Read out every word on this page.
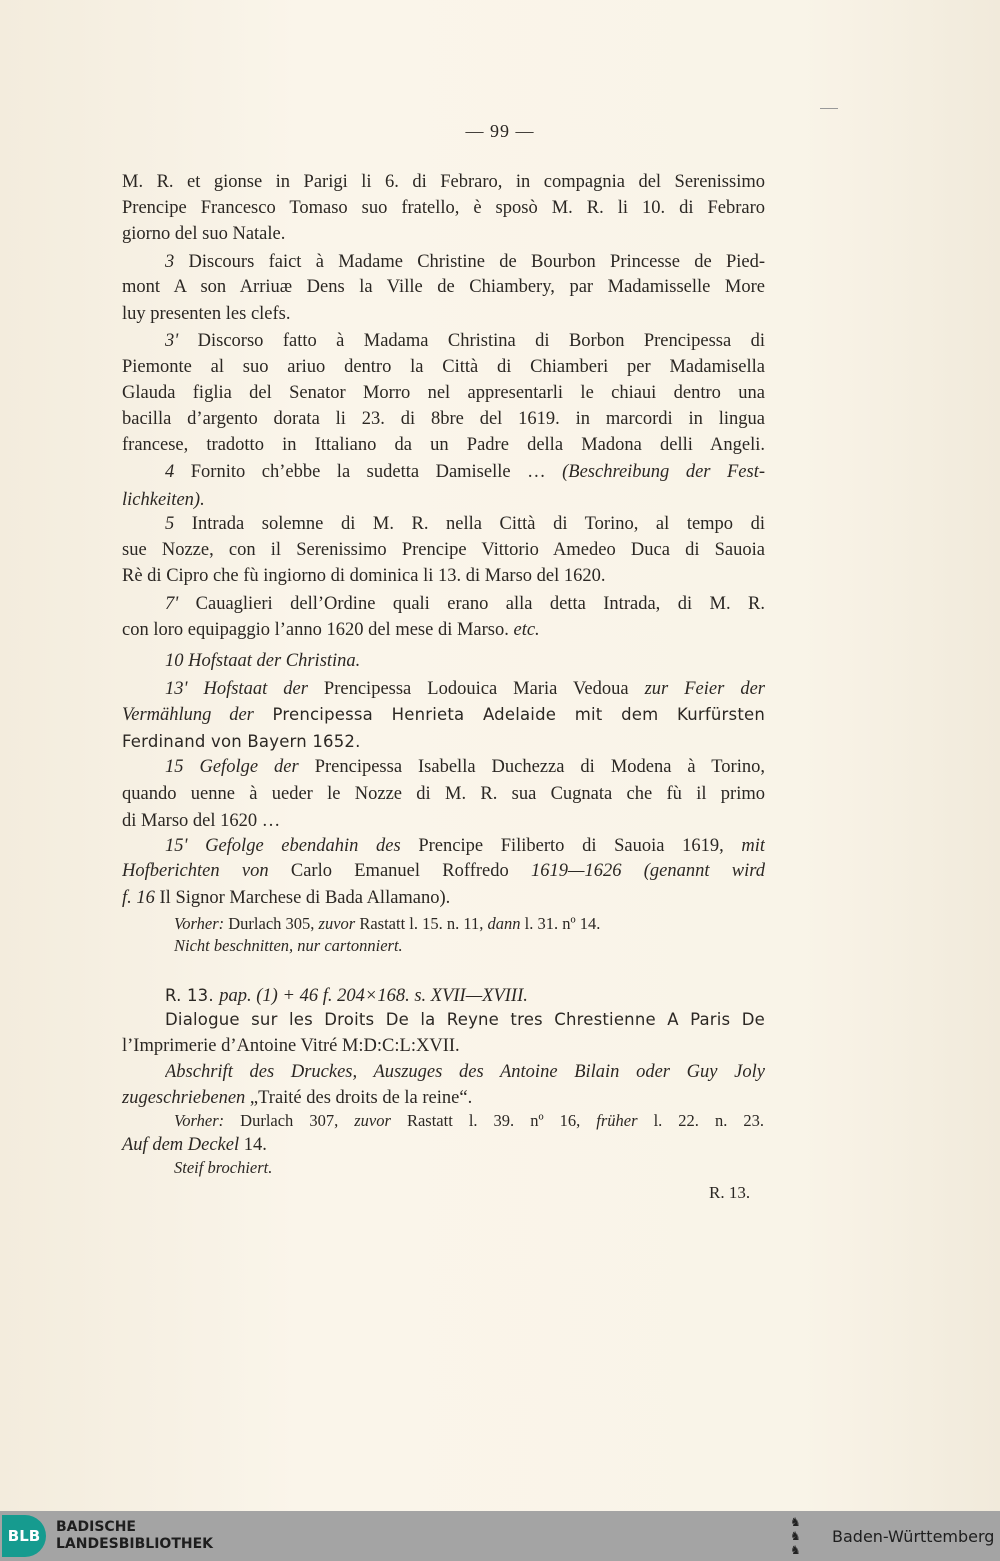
— 99 —
M. R. et gionse in Parigi li 6. di Febraro, in compagnia del Serenissimo
Prencipe Francesco Tomaso suo fratello, è sposò M. R. li 10. di Febraro
giorno del suo Natale.
3 Discours faict à Madame Christine de Bourbon Princesse de Pied-
mont A son Arriuæ Dens la Ville de Chiambery, par Madamisselle More
luy presenten les clefs.
3' Discorso fatto à Madama Christina di Borbon Prencipessa di
Piemonte al suo ariuo dentro la Città di Chiamberi per Madamisella
Glauda figlia del Senator Morro nel appresentarli le chiaui dentro una
bacilla d’argento dorata li 23. di 8bre del 1619. in marcordi in lingua
francese, tradotto in Ittaliano da un Padre della Madona delli Angeli.
4 Fornito ch’ebbe la sudetta Damiselle … (Beschreibung der Fest-
lichkeiten).
5 Intrada solemne di M. R. nella Città di Torino, al tempo di
sue Nozze, con il Serenissimo Prencipe Vittorio Amedeo Duca di Sauoia
Rè di Cipro che fù ingiorno di dominica li 13. di Marso del 1620.
7' Cauaglieri dell’Ordine quali erano alla detta Intrada, di M. R.
con loro equipaggio l’anno 1620 del mese di Marso. etc.
10 Hofstaat der Christina.
13' Hofstaat der Prencipessa Lodouica Maria Vedoua zur Feier der
Vermählung der Prencipessa Henrieta Adelaide mit dem Kurfürsten
Ferdinand von Bayern 1652.
15 Gefolge der Prencipessa Isabella Duchezza di Modena à Torino,
quando uenne à ueder le Nozze di M. R. sua Cugnata che fù il primo
di Marso del 1620 …
15' Gefolge ebendahin des Prencipe Filiberto di Sauoia 1619, mit
Hofberichten von Carlo Emanuel Roffredo 1619—1626 (genannt wird
f. 16 Il Signor Marchese di Bada Allamano).
Vorher: Durlach 305, zuvor Rastatt l. 15. n. 11, dann l. 31. nº 14.
Nicht beschnitten, nur cartonniert.
R. 13. pap. (1) + 46 f. 204×168. s. XVII—XVIII.
Dialogue sur les Droits De la Reyne tres Chrestienne A Paris De
l’Imprimerie d’Antoine Vitré M:D:C:L:XVII.
Abschrift des Druckes, Auszuges des Antoine Bilain oder Guy Joly
zugeschriebenen „Traité des droits de la reine“.
Vorher: Durlach 307, zuvor Rastatt l. 39. nº 16, früher l. 22. n. 23.
Auf dem Deckel 14.
Steif brochiert.
R. 13.
BLB	BADISCHE
LANDESBIBLIOTHEK
♞
♞
♞
Baden-Württemberg
